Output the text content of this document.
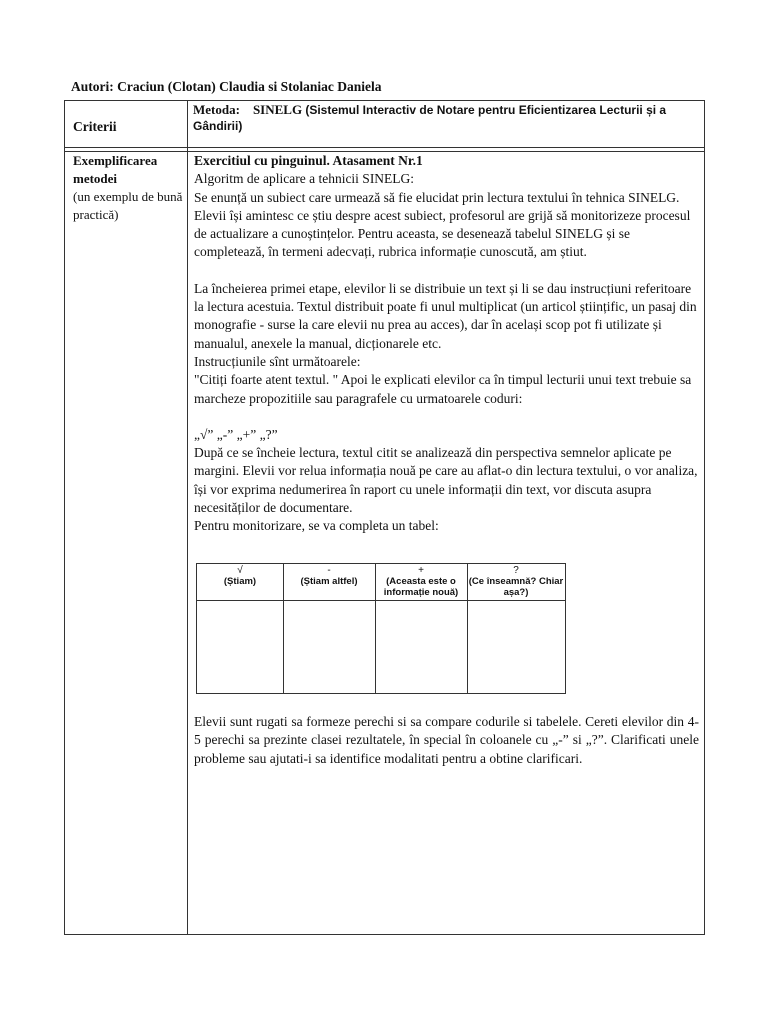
Autori: Craciun (Clotan) Claudia si Stolaniac Daniela
Criterii
Metoda: SINELG (Sistemul Interactiv de Notare pentru Eficientizarea Lecturii și a Gândirii)
Exemplificarea metodei
(un exemplu de bună practică)

Exercitiul cu pinguinul. Atasament Nr.1

Algoritm de aplicare a tehnicii SINELG:

Se enunță un subiect care urmează să fie elucidat prin lectura textului în tehnica SINELG. Elevii își amintesc ce știu despre acest subiect, profesorul are grijă să monitorizeze procesul de actualizare a cunoștințelor. Pentru aceasta, se desenează tabelul SINELG și se completează, în termeni adecvați, rubrica informație cunoscută, am știut.

La încheierea primei etape, elevilor li se distribuie un text și li se dau instrucțiuni referitoare la lectura acestuia. Textul distribuit poate fi unul multiplicat (un articol științific, un pasaj din monografie - surse la care elevii nu prea au acces), dar în același scop pot fi utilizate și manualul, anexele la manual, dicționarele etc.

Instrucțiunile sînt următoarele:

"Citiți foarte atent textul. " Apoi le explicati elevilor ca în timpul lecturii unui text trebuie sa marcheze propozitiile sau paragrafele cu urmatoarele coduri:

„√” „-” „+” „?”

După ce se încheie lectura, textul citit se analizează din perspectiva semnelor aplicate pe margini. Elevii vor relua informația nouă pe care au aflat-o din lectura textului, o vor analiza, își vor exprima nedumerirea în raport cu unele informații din text, vor discuta asupra necesităților de documentare.

Pentru monitorizare, se va completa un tabel:

√
(Știam)
-
(Știam altfel)
+
(Aceasta este o informație nouă)
?
(Ce înseamnă? Chiar așa?)
Elevii sunt rugati sa formeze perechi si sa compare codurile si tabelele. Cereti elevilor din 4-5 perechi sa prezinte clasei rezultatele, în special în coloanele cu „-” si „?”. Clarificati unele probleme sau ajutati-i sa identifice modalitati pentru a obtine clarificari.
